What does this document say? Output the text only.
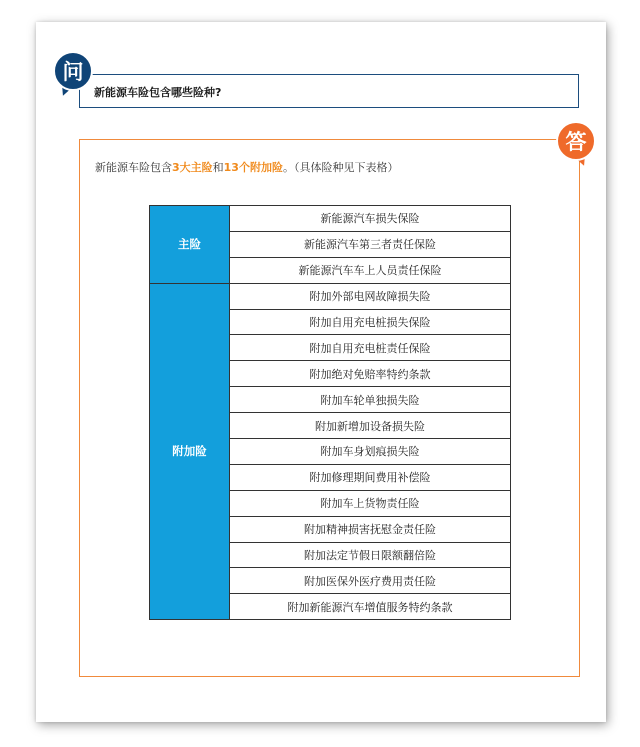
问
新能源车险包含哪些险种?
答
新能源车险包含3大主险和13个附加险。（具体险种见下表格）
主险	新能源汽车损失保险
	新能源汽车第三者责任保险
	新能源汽车车上人员责任保险
附加险	附加外部电网故障损失险
	附加自用充电桩损失保险
	附加自用充电桩责任保险
	附加绝对免赔率特约条款
	附加车轮单独损失险
	附加新增加设备损失险
	附加车身划痕损失险
	附加修理期间费用补偿险
	附加车上货物责任险
	附加精神损害抚慰金责任险
	附加法定节假日限额翻倍险
	附加医保外医疗费用责任险
	附加新能源汽车增值服务特约条款
